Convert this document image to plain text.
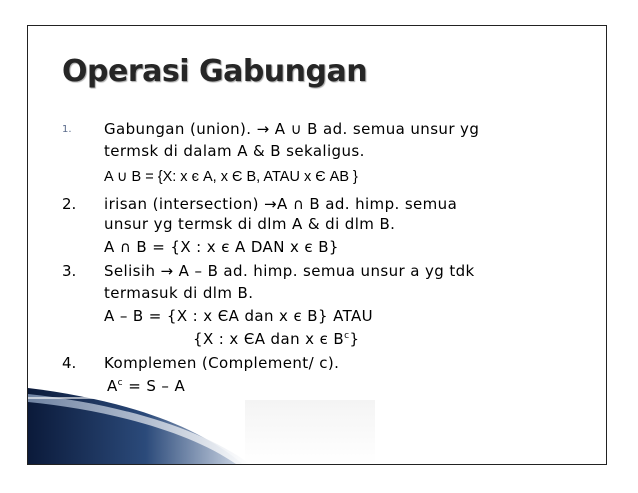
Operasi Gabungan
1. Gabungan (union). → A ∪ B ad. semua unsur yg
termsk di dalam A & B sekaligus.
A ∪ B = {X: x є A, x Є B, ATAU x Є AB }
2. irisan (intersection) →A ∩ B ad. himp. semua
unsur yg termsk di dlm A & di dlm B.
A ∩ B = {X : x є A DAN x є B}
3. Selisih → A – B ad. himp. semua unsur a yg tdk
termasuk di dlm B.
A – B = {X : x ЄA dan x є B} ATAU
{X : x ЄA dan x є $B^c$}
4. Komplemen (Complement/ c).
$A^c = S - A$
